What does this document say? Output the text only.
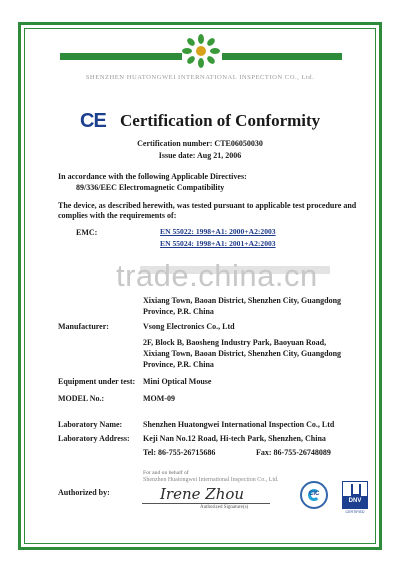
SHENZHEN HUATONGWEI INTERNATIONAL INSPECTION CO., Ltd.
CE Certification of Conformity
Certification number: CTE06050030
Issue date: Aug 21, 2006
In accordance with the following Applicable Directives:
89/336/EEC Electromagnetic Compatibility
The device, as described herewith, was tested pursuant to applicable test procedure and
complies with the requirements of:
EMC:	EN 55022: 1998+A1: 2000+A2:2003
EN 55024: 1998+A1: 2001+A2:2003
trade.china.cn
Xixiang Town, Baoan District, Shenzhen City, Guangdong
Province, P.R. China
Manufacturer:	Vsong Electronics Co., Ltd
2F, Block B, Baosheng Industry Park, Baoyuan Road,
Xixiang Town, Baoan District, Shenzhen City, Guangdong
Province, P.R. China
Equipment under test: Mini Optical Mouse
MODEL No.:	MOM-09
Laboratory Name:	Shenzhen Huatongwei International Inspection Co., Ltd
Laboratory Address: Keji Nan No.12 Road, Hi-tech Park, Shenzhen, China
Tel: 86-755-26715686	Fax: 86-755-26748089
For and on behalf of
Shenzhen Huatongwei International Inspection Co., Ltd.
Authorized by:	Irene Zhou
Authorized Signature(s)
CIC
DNV
CERTIFIED
